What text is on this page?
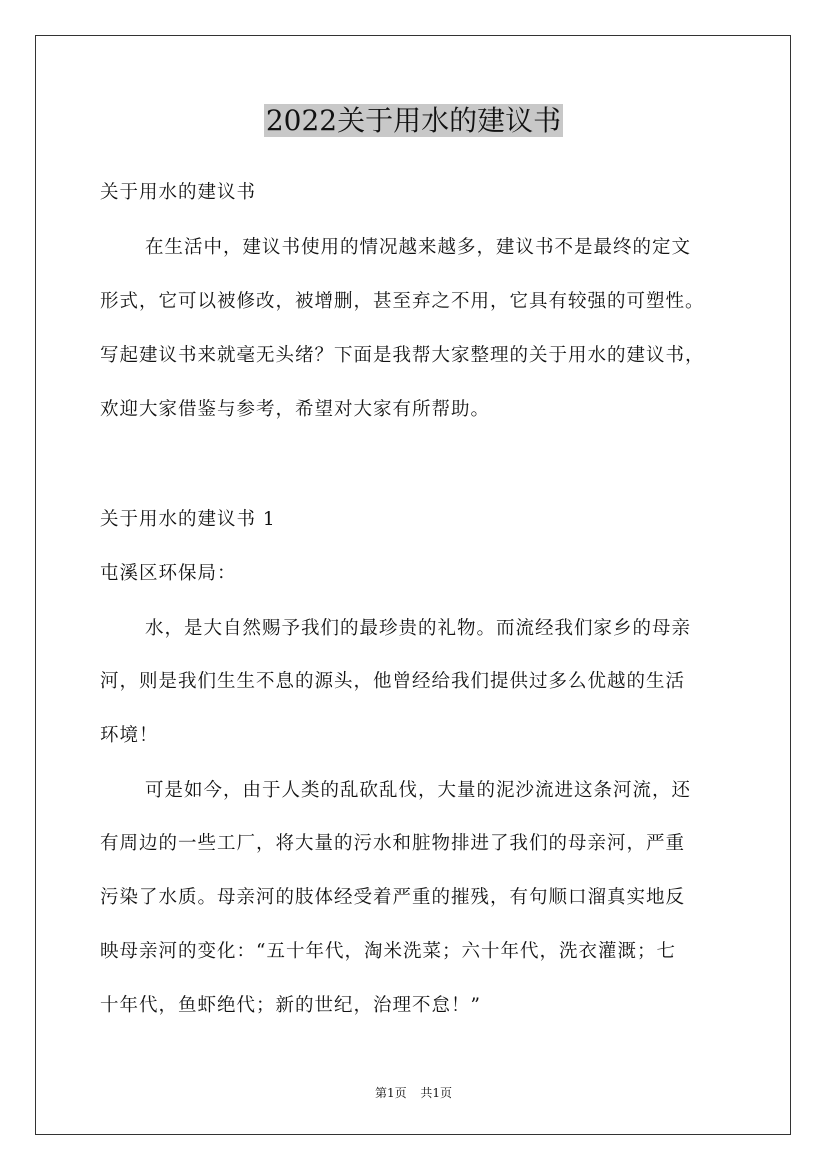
2022关于用水的建议书
关于用水的建议书
在生活中，建议书使用的情况越来越多，建议书不是最终的定文
形式，它可以被修改，被增删，甚至弃之不用，它具有较强的可塑性。
写起建议书来就毫无头绪？下面是我帮大家整理的关于用水的建议书，
欢迎大家借鉴与参考，希望对大家有所帮助。
关于用水的建议书 1
屯溪区环保局：
水，是大自然赐予我们的最珍贵的礼物。而流经我们家乡的母亲
河，则是我们生生不息的源头，他曾经给我们提供过多么优越的生活
环境！
可是如今，由于人类的乱砍乱伐，大量的泥沙流进这条河流，还
有周边的一些工厂，将大量的污水和脏物排进了我们的母亲河，严重
污染了水质。母亲河的肢体经受着严重的摧残，有句顺口溜真实地反
映母亲河的变化：“五十年代，淘米洗菜；六十年代，洗衣灌溉；七
十年代，鱼虾绝代；新的世纪，治理不怠！”
第1页 共1页
